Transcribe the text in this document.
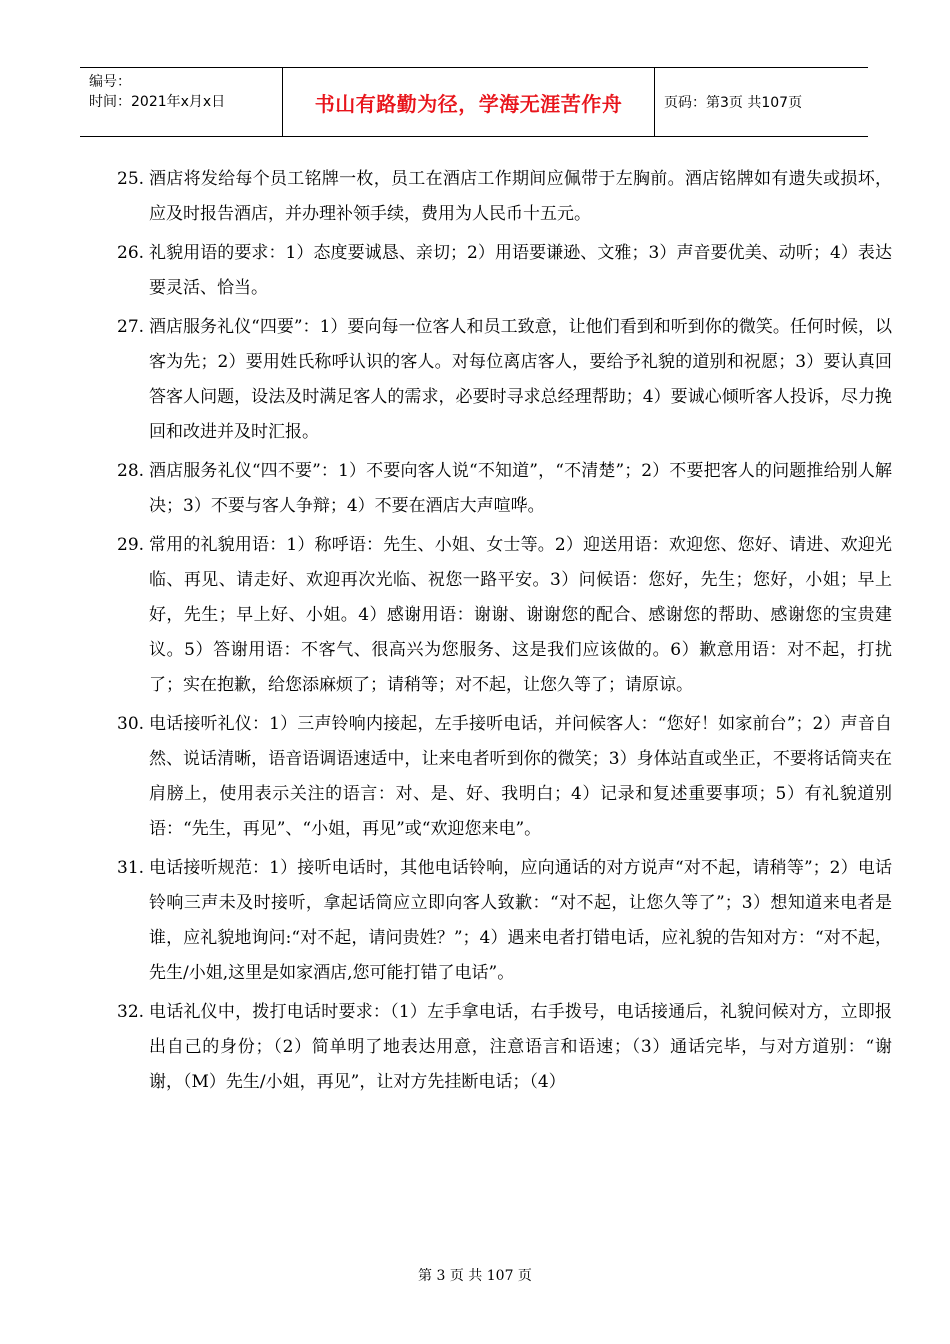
编号：
时间：2021年x月x日	书山有路勤为径，学海无涯苦作舟	页码：第3页 共107页
25. 酒店将发给每个员工铭牌一枚，员工在酒店工作期间应佩带于左胸前。酒店铭牌如有遗失或损坏，应及时报告酒店，并办理补领手续，费用为人民币十五元。
26. 礼貌用语的要求：1）态度要诚恳、亲切；2）用语要谦逊、文雅；3）声音要优美、动听；4）表达要灵活、恰当。
27. 酒店服务礼仪“四要”：1）要向每一位客人和员工致意，让他们看到和听到你的微笑。任何时候，以客为先；2）要用姓氏称呼认识的客人。对每位离店客人，要给予礼貌的道别和祝愿；3）要认真回答客人问题，设法及时满足客人的需求，必要时寻求总经理帮助；4）要诚心倾听客人投诉，尽力挽回和改进并及时汇报。
28. 酒店服务礼仪“四不要”：1）不要向客人说“不知道”，“不清楚”；2）不要把客人的问题推给别人解决；3）不要与客人争辩；4）不要在酒店大声喧哗。
29. 常用的礼貌用语：1）称呼语：先生、小姐、女士等。2）迎送用语：欢迎您、您好、请进、欢迎光临、再见、请走好、欢迎再次光临、祝您一路平安。3）问候语：您好，先生；您好，小姐；早上好，先生；早上好、小姐。4）感谢用语：谢谢、谢谢您的配合、感谢您的帮助、感谢您的宝贵建议。5）答谢用语：不客气、很高兴为您服务、这是我们应该做的。6）歉意用语：对不起，打扰了；实在抱歉，给您添麻烦了；请稍等；对不起，让您久等了；请原谅。
30. 电话接听礼仪：1）三声铃响内接起，左手接听电话，并问候客人：“您好！如家前台”；2）声音自然、说话清晰，语音语调语速适中，让来电者听到你的微笑；3）身体站直或坐正，不要将话筒夹在肩膀上，使用表示关注的语言：对、是、好、我明白；4）记录和复述重要事项；5）有礼貌道别语：“先生，再见”、“小姐，再见”或“欢迎您来电”。
31. 电话接听规范：1）接听电话时，其他电话铃响，应向通话的对方说声“对不起，请稍等”；2）电话铃响三声未及时接听，拿起话筒应立即向客人致歉：“对不起，让您久等了”；3）想知道来电者是谁，应礼貌地询问:“对不起，请问贵姓？”；4）遇来电者打错电话，应礼貌的告知对方：“对不起，先生/小姐,这里是如家酒店,您可能打错了电话”。
32. 电话礼仪中，拨打电话时要求：（1）左手拿电话，右手拨号，电话接通后，礼貌问候对方，立即报出自己的身份；（2）简单明了地表达用意，注意语言和语速；（3）通话完毕，与对方道别：“谢谢，（M）先生/小姐，再见”，让对方先挂断电话；（4）
第 3 页 共 107 页
